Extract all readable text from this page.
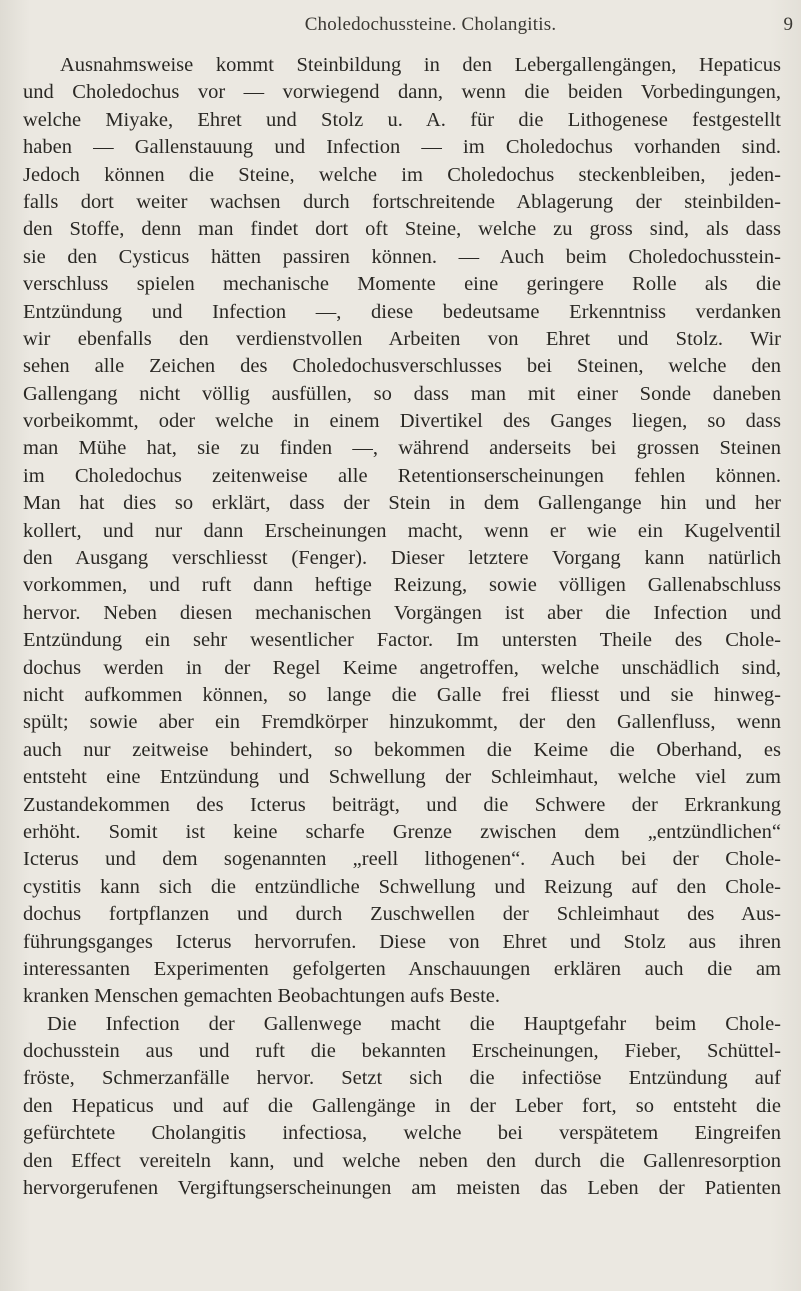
Choledochussteine. Cholangitis.	9
Ausnahmsweise kommt Steinbildung in den Lebergallengängen, Hepaticus
und Choledochus vor — vorwiegend dann, wenn die beiden Vorbedingungen,
welche Miyake, Ehret und Stolz u. A. für die Lithogenese festgestellt
haben — Gallenstauung und Infection — im Choledochus vorhanden sind.
Jedoch können die Steine, welche im Choledochus steckenbleiben, jeden-
falls dort weiter wachsen durch fortschreitende Ablagerung der steinbilden-
den Stoffe, denn man findet dort oft Steine, welche zu gross sind, als dass
sie den Cysticus hätten passiren können. — Auch beim Choledochusstein-
verschluss spielen mechanische Momente eine geringere Rolle als die
Entzündung und Infection —, diese bedeutsame Erkenntniss verdanken
wir ebenfalls den verdienstvollen Arbeiten von Ehret und Stolz. Wir
sehen alle Zeichen des Choledochusverschlusses bei Steinen, welche den
Gallengang nicht völlig ausfüllen, so dass man mit einer Sonde daneben
vorbeikommt, oder welche in einem Divertikel des Ganges liegen, so dass
man Mühe hat, sie zu finden —, während anderseits bei grossen Steinen
im Choledochus zeitenweise alle Retentionserscheinungen fehlen können.
Man hat dies so erklärt, dass der Stein in dem Gallengange hin und her
kollert, und nur dann Erscheinungen macht, wenn er wie ein Kugelventil
den Ausgang verschliesst (Fenger). Dieser letztere Vorgang kann natürlich
vorkommen, und ruft dann heftige Reizung, sowie völligen Gallenabschluss
hervor. Neben diesen mechanischen Vorgängen ist aber die Infection und
Entzündung ein sehr wesentlicher Factor. Im untersten Theile des Chole-
dochus werden in der Regel Keime angetroffen, welche unschädlich sind,
nicht aufkommen können, so lange die Galle frei fliesst und sie hinweg-
spült; sowie aber ein Fremdkörper hinzukommt, der den Gallenfluss, wenn
auch nur zeitweise behindert, so bekommen die Keime die Oberhand, es
entsteht eine Entzündung und Schwellung der Schleimhaut, welche viel zum
Zustandekommen des Icterus beiträgt, und die Schwere der Erkrankung
erhöht. Somit ist keine scharfe Grenze zwischen dem „entzündlichen“
Icterus und dem sogenannten „reell lithogenen“. Auch bei der Chole-
cystitis kann sich die entzündliche Schwellung und Reizung auf den Chole-
dochus fortpflanzen und durch Zuschwellen der Schleimhaut des Aus-
führungsganges Icterus hervorrufen. Diese von Ehret und Stolz aus ihren
interessanten Experimenten gefolgerten Anschauungen erklären auch die am
kranken Menschen gemachten Beobachtungen aufs Beste.
Die Infection der Gallenwege macht die Hauptgefahr beim Chole-
dochusstein aus und ruft die bekannten Erscheinungen, Fieber, Schüttel-
fröste, Schmerzanfälle hervor. Setzt sich die infectiöse Entzündung auf
den Hepaticus und auf die Gallengänge in der Leber fort, so entsteht die
gefürchtete Cholangitis infectiosa, welche bei verspätetem Eingreifen
den Effect vereiteln kann, und welche neben den durch die Gallenresorption
hervorgerufenen Vergiftungserscheinungen am meisten das Leben der Patienten
